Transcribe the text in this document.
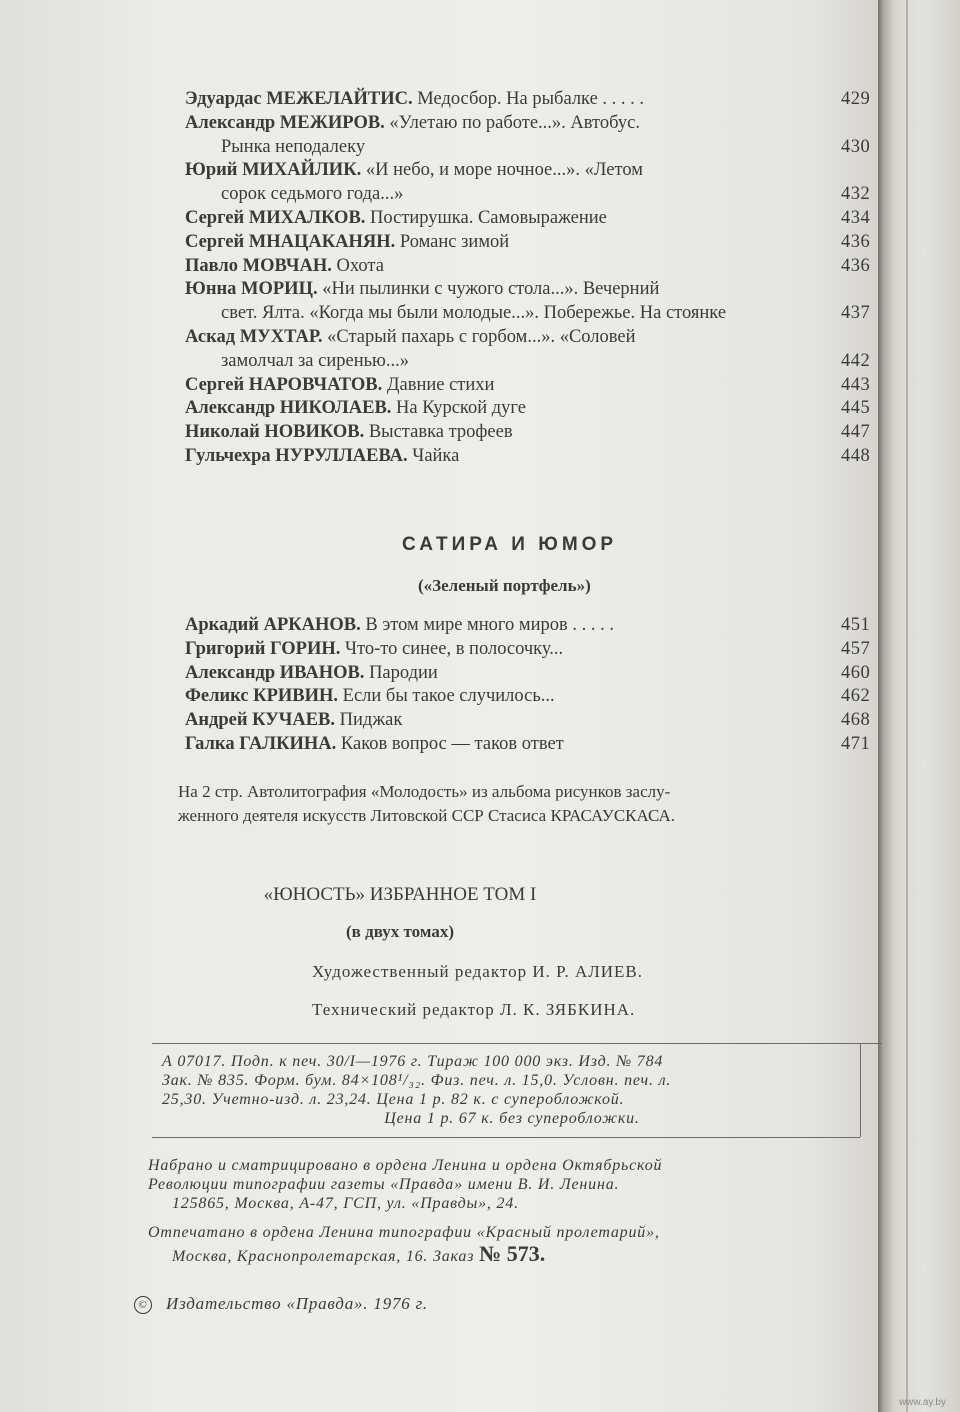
Эдуардас МЕЖЕЛАЙТИС. Медосбор. На рыбалке . . . . .	429
Александр МЕЖИРОВ. «Улетаю по работе...». Автобус.
Рынка неподалеку	430
Юрий МИХАЙЛИК. «И небо, и море ночное...». «Летом
сорок седьмого года...»	432
Сергей МИХАЛКОВ. Постирушка. Самовыражение	434
Сергей МНАЦАКАНЯН. Романс зимой	436
Павло МОВЧАН. Охота	436
Юнна МОРИЦ. «Ни пылинки с чужого стола...». Вечерний
свет. Ялта. «Когда мы были молодые...». Побережье. На стоянке	437
Аскад МУХТАР. «Старый пахарь с горбом...». «Соловей
замолчал за сиренью...»	442
Сергей НАРОВЧАТОВ. Давние стихи	443
Александр НИКОЛАЕВ. На Курской дуге	445
Николай НОВИКОВ. Выставка трофеев	447
Гульчехра НУРУЛЛАЕВА. Чайка	448
САТИРА И ЮМОР
(«Зеленый портфель»)
Аркадий АРКАНОВ. В этом мире много миров . . . . .	451
Григорий ГОРИН. Что-то синее, в полосочку...	457
Александр ИВАНОВ. Пародии	460
Феликс КРИВИН. Если бы такое случилось...	462
Андрей КУЧАЕВ. Пиджак	468
Галка ГАЛКИНА. Каков вопрос — таков ответ	471
На 2 стр. Автолитография «Молодость» из альбома рисунков заслу-
женного деятеля искусств Литовской ССР Стасиса КРАСАУСКАСА.
«ЮНОСТЬ» ИЗБРАННОЕ ТОМ I
(в двух томах)
Художественный редактор И. Р. АЛИЕВ.
Технический редактор Л. К. ЗЯБКИНА.
А 07017. Подп. к печ. 30/I—1976 г. Тираж 100 000 экз. Изд. № 784
Зак. № 835. Форм. бум. 84×108¹/₃₂. Физ. печ. л. 15,0. Условн. печ. л.
25,30. Учетно-изд. л. 23,24. Цена 1 р. 82 к. с суперобложкой.
Цена 1 р. 67 к. без суперобложки.
Набрано и сматрицировано в ордена Ленина и ордена Октябрьской
Революции типографии газеты «Правда» имени В. И. Ленина.
125865, Москва, А-47, ГСП, ул. «Правды», 24.
Отпечатано в ордена Ленина типографии «Красный пролетарий»,
Москва, Краснопролетарская, 16. Заказ № 573.
© Издательство «Правда». 1976 г.
www.ay.by
